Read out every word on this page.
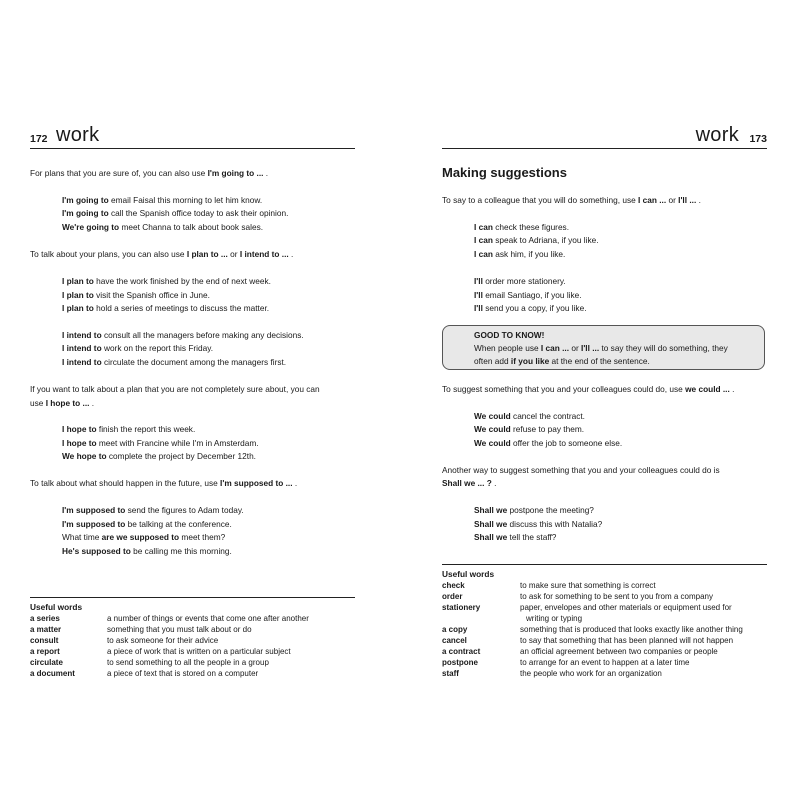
172 work
For plans that you are sure of, you can also use I'm going to ... .
I'm going to email Faisal this morning to let him know.
I'm going to call the Spanish office today to ask their opinion.
We're going to meet Channa to talk about book sales.
To talk about your plans, you can also use I plan to ... or I intend to ... .
I plan to have the work finished by the end of next week.
I plan to visit the Spanish office in June.
I plan to hold a series of meetings to discuss the matter.
I intend to consult all the managers before making any decisions.
I intend to work on the report this Friday.
I intend to circulate the document among the managers first.
If you want to talk about a plan that you are not completely sure about, you can
use I hope to ... .
I hope to finish the report this week.
I hope to meet with Francine while I'm in Amsterdam.
We hope to complete the project by December 12th.
To talk about what should happen in the future, use I'm supposed to ... .
I'm supposed to send the figures to Adam today.
I'm supposed to be talking at the conference.
What time are we supposed to meet them?
He's supposed to be calling me this morning.
Useful words
a series	a number of things or events that come one after another
a matter	something that you must talk about or do
consult	to ask someone for their advice
a report	a piece of work that is written on a particular subject
circulate	to send something to all the people in a group
a document	a piece of text that is stored on a computer
work 173
Making suggestions
To say to a colleague that you will do something, use I can ... or I'll ... .
I can check these figures.
I can speak to Adriana, if you like.
I can ask him, if you like.
I'll order more stationery.
I'll email Santiago, if you like.
I'll send you a copy, if you like.
GOOD TO KNOW!
When people use I can ... or I'll ... to say they will do something, they
often add if you like at the end of the sentence.
To suggest something that you and your colleagues could do, use we could ... .
We could cancel the contract.
We could refuse to pay them.
We could offer the job to someone else.
Another way to suggest something that you and your colleagues could do is
Shall we ... ? .
Shall we postpone the meeting?
Shall we discuss this with Natalia?
Shall we tell the staff?
Useful words
check	to make sure that something is correct
order	to ask for something to be sent to you from a company
stationery	paper, envelopes and other materials or equipment used for
writing or typing
a copy	something that is produced that looks exactly like another thing
cancel	to say that something that has been planned will not happen
a contract	an official agreement between two companies or people
postpone	to arrange for an event to happen at a later time
staff	the people who work for an organization
